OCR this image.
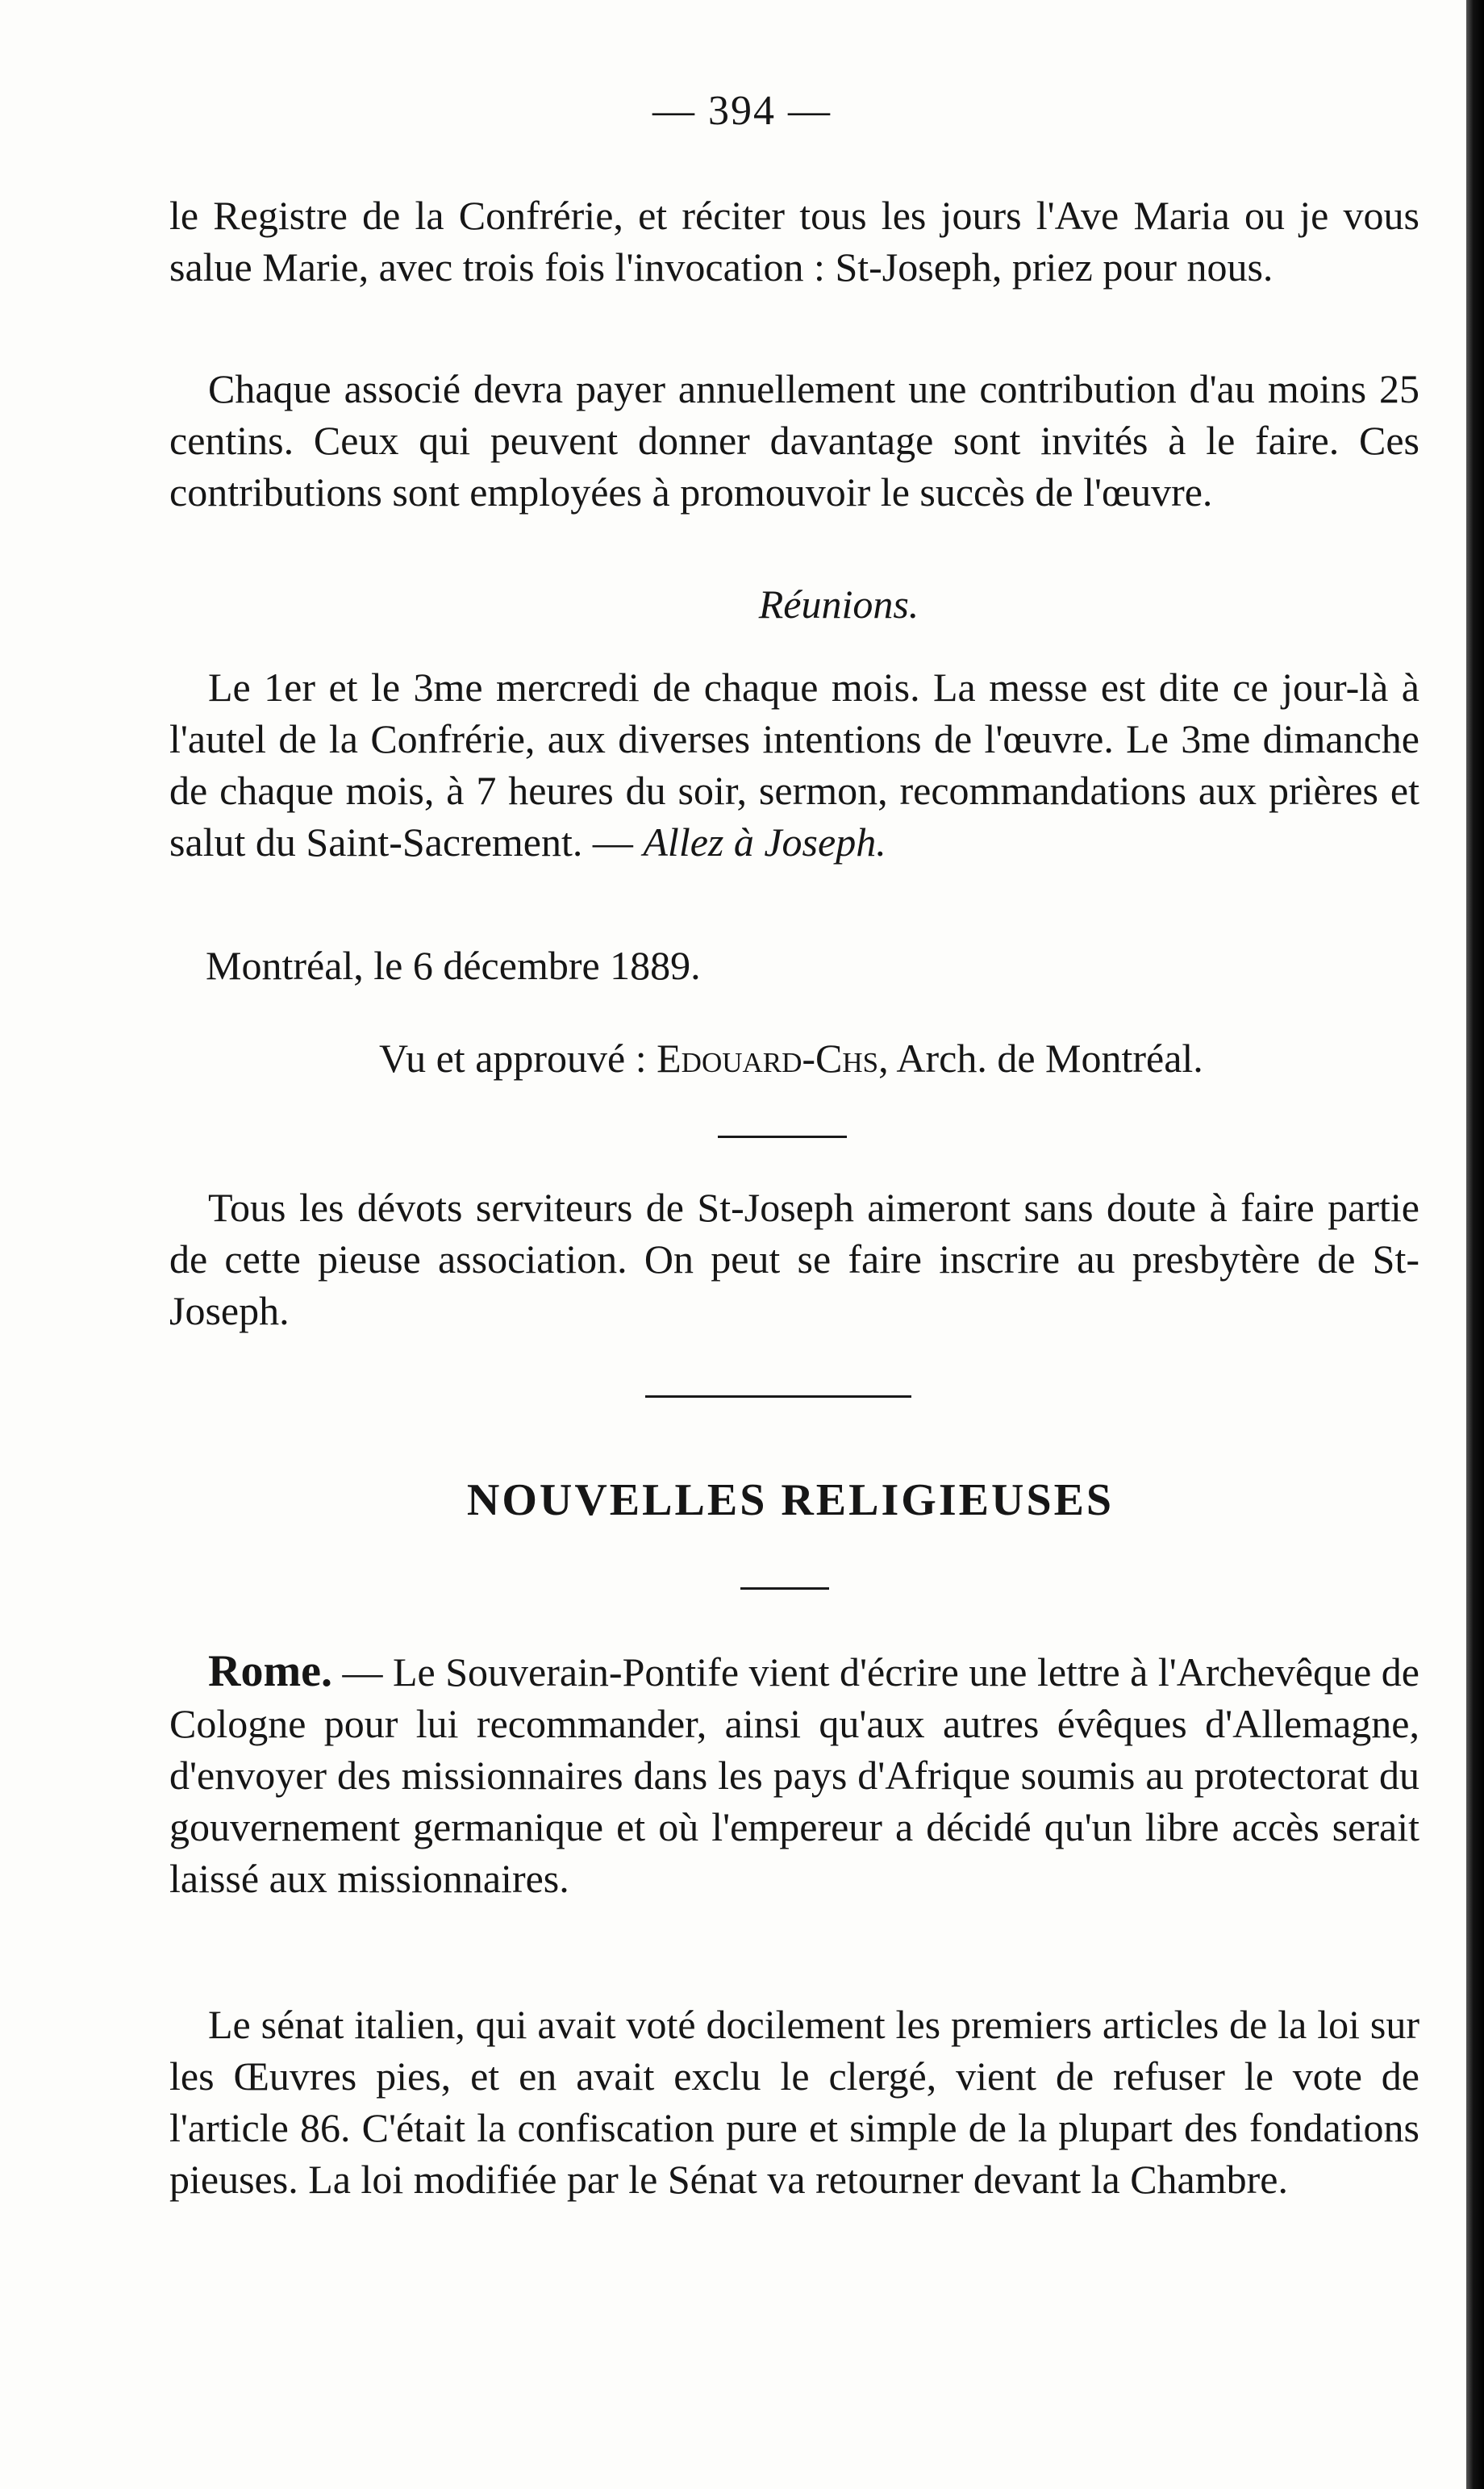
— 394 —
le Registre de la Confrérie, et réciter tous les jours l'Ave Maria ou je vous salue Marie, avec trois fois l'invocation : St-Joseph, priez pour nous.
Chaque associé devra payer annuellement une contribution d'au moins 25 centins. Ceux qui peuvent donner davantage sont invités à le faire. Ces contributions sont employées à promouvoir le succès de l'œuvre.
Réunions.
Le 1er et le 3me mercredi de chaque mois. La messe est dite ce jour-là à l'autel de la Confrérie, aux diverses intentions de l'œuvre. Le 3me dimanche de chaque mois, à 7 heures du soir, sermon, recommandations aux prières et salut du Saint-Sacrement. — Allez à Joseph.
Montréal, le 6 décembre 1889.
Vu et approuvé : Edouard-Chs, Arch. de Montréal.
Tous les dévots serviteurs de St-Joseph aimeront sans doute à faire partie de cette pieuse association. On peut se faire inscrire au presbytère de St-Joseph.
NOUVELLES RELIGIEUSES
Rome. — Le Souverain-Pontife vient d'écrire une lettre à l'Archevêque de Cologne pour lui recommander, ainsi qu'aux autres évêques d'Allemagne, d'envoyer des missionnaires dans les pays d'Afrique soumis au protectorat du gouvernement germanique et où l'empereur a décidé qu'un libre accès serait laissé aux missionnaires.
Le sénat italien, qui avait voté docilement les premiers articles de la loi sur les Œuvres pies, et en avait exclu le clergé, vient de refuser le vote de l'article 86. C'était la confiscation pure et simple de la plupart des fondations pieuses. La loi modifiée par le Sénat va retourner devant la Chambre.
